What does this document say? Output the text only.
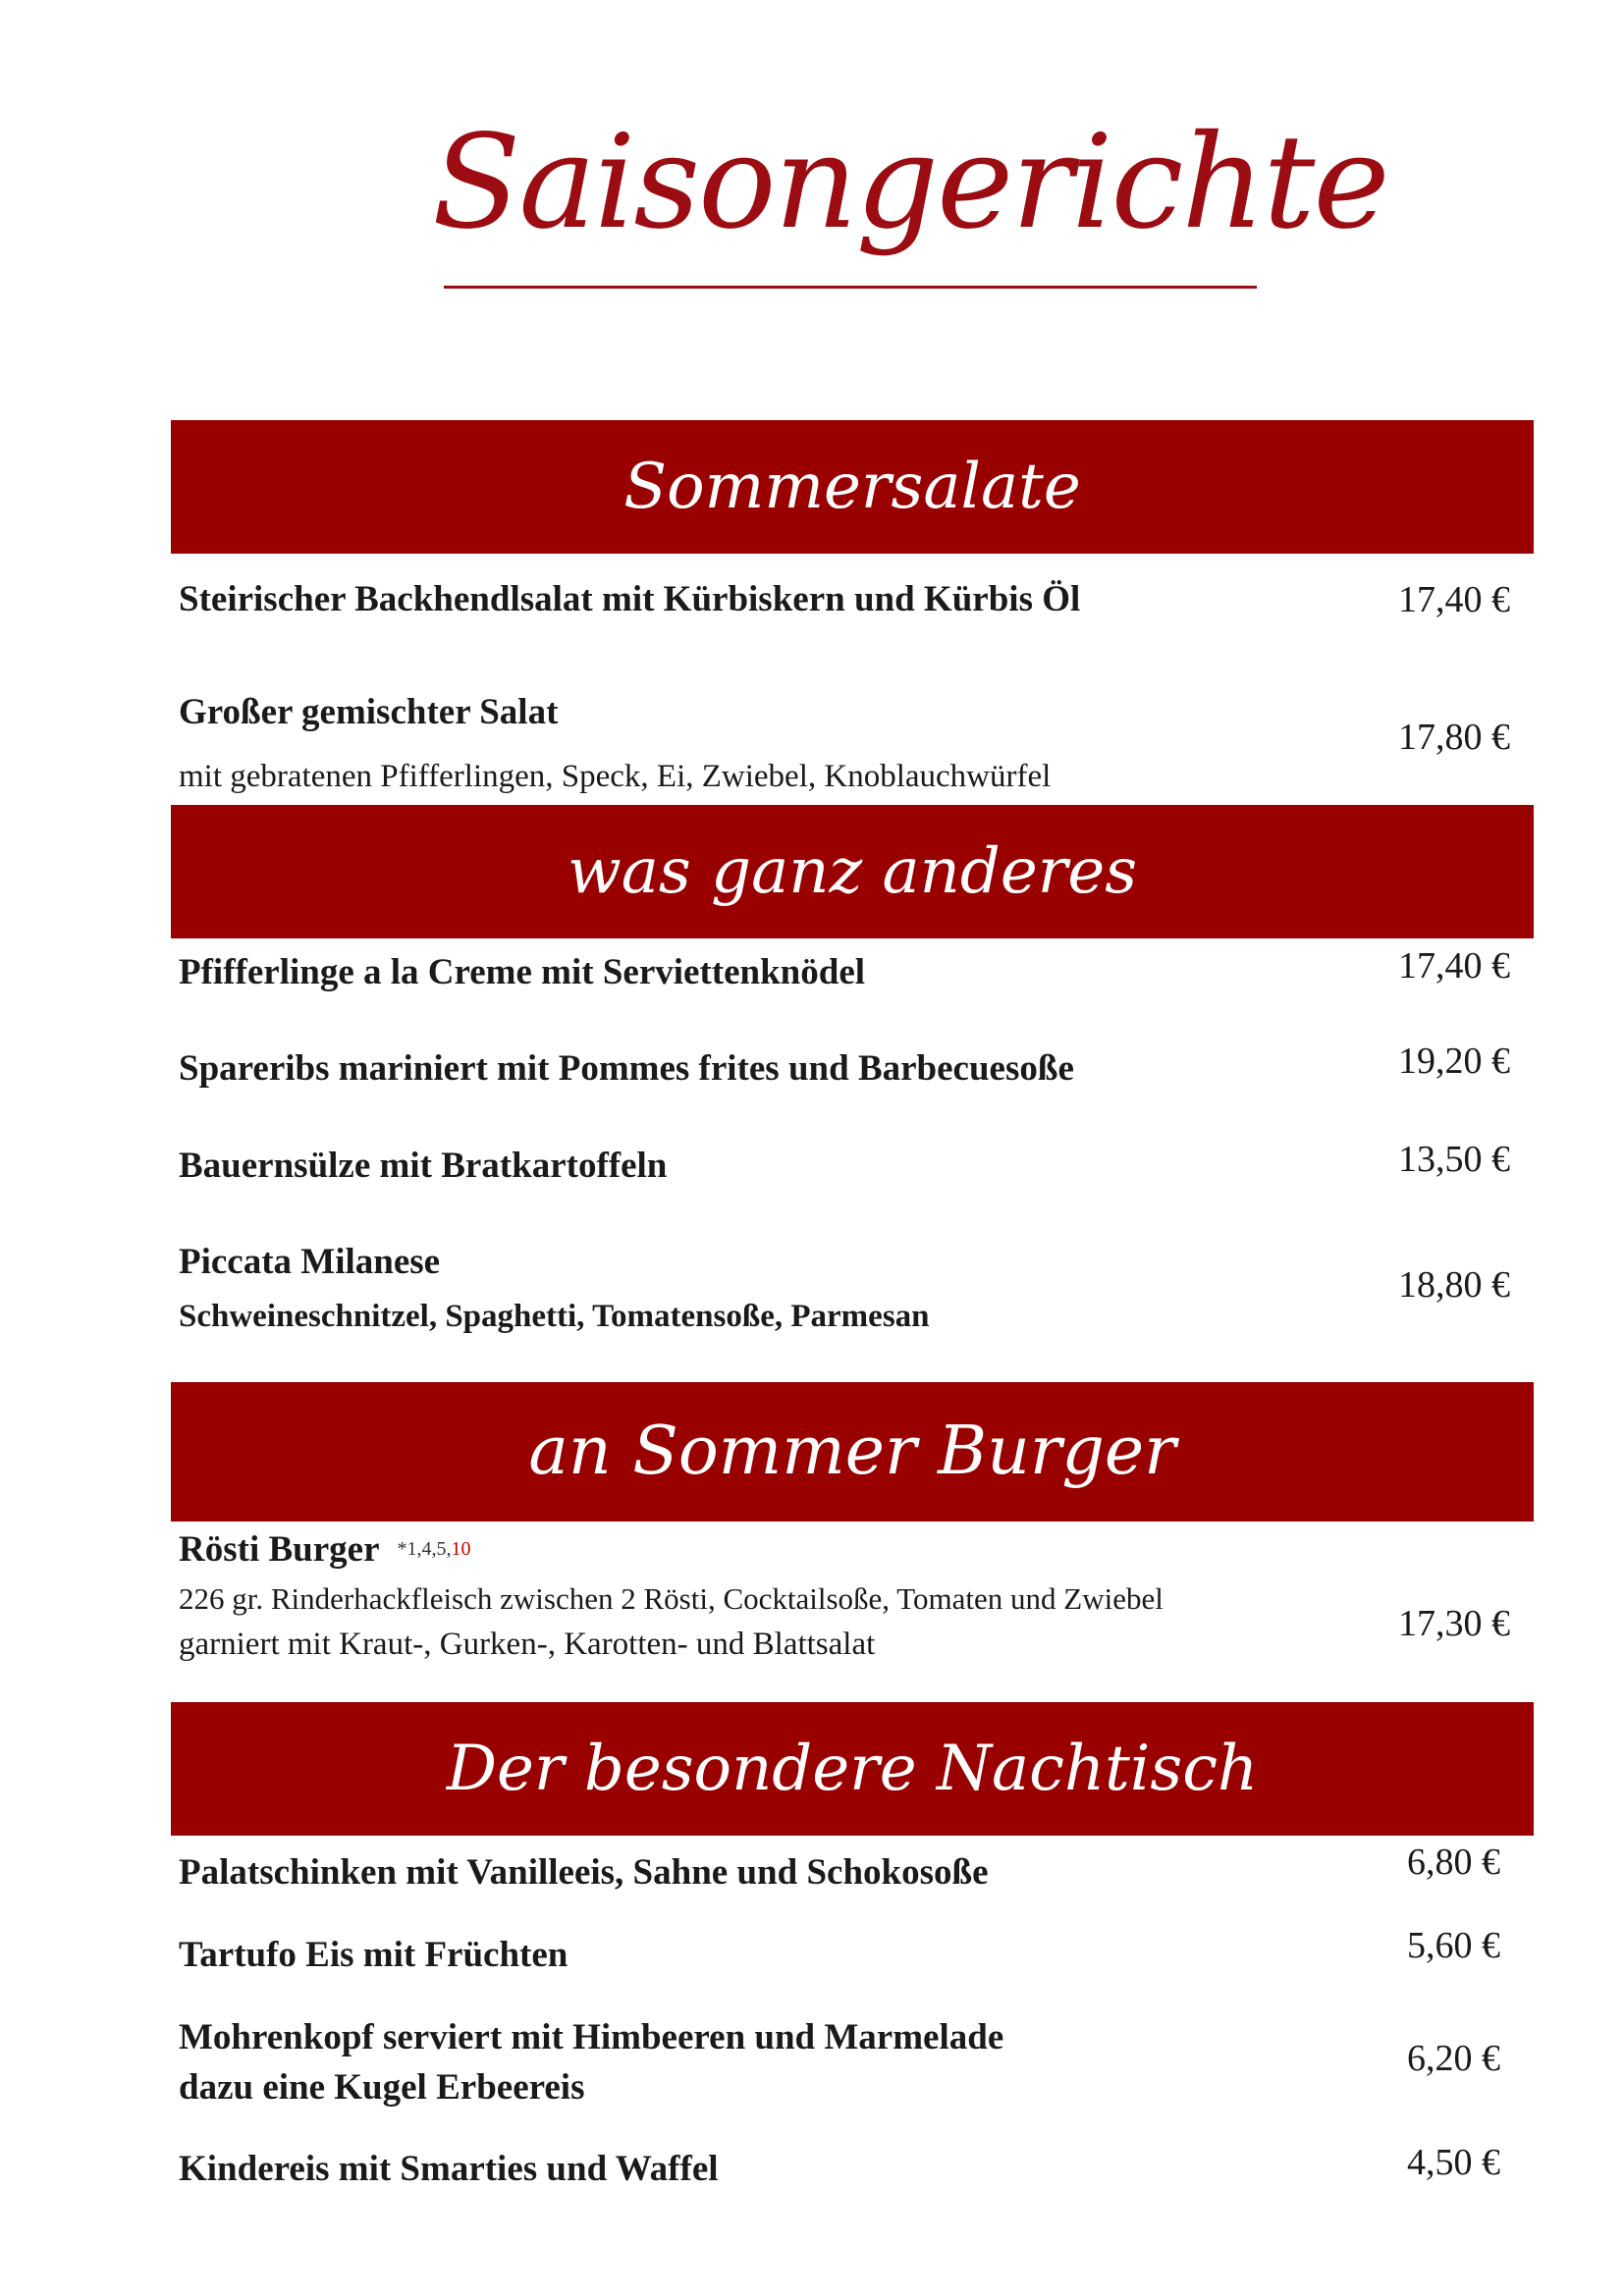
Saisongerichte
Sommersalate
Steirischer Backhendlsalat mit Kürbiskern und Kürbis Öl	17,40 €
Großer gemischter Salat
mit gebratenen Pfifferlingen, Speck, Ei, Zwiebel, Knoblauchwürfel
17,80 €
was ganz anderes
Pfifferlinge a la Creme mit Serviettenknödel	17,40 €
Spareribs mariniert mit Pommes frites und Barbecuesoße	19,20 €
Bauernsülze mit Bratkartoffeln	13,50 €
Piccata Milanese
Schweineschnitzel, Spaghetti, Tomatensoße, Parmesan
18,80 €
an Sommer Burger
Rösti Burger *1,4,5,10
226 gr. Rinderhackfleisch zwischen 2 Rösti, Cocktailsoße, Tomaten und Zwiebel
garniert mit Kraut-, Gurken-, Karotten- und Blattsalat	17,30 €
Der besondere Nachtisch
Palatschinken mit Vanilleeis, Sahne und Schokosoße	6,80 €
Tartufo Eis mit Früchten	5,60 €
Mohrenkopf serviert mit Himbeeren und Marmelade
dazu eine Kugel Erbeereis
6,20 €
Kindereis mit Smarties und Waffel	4,50 €
